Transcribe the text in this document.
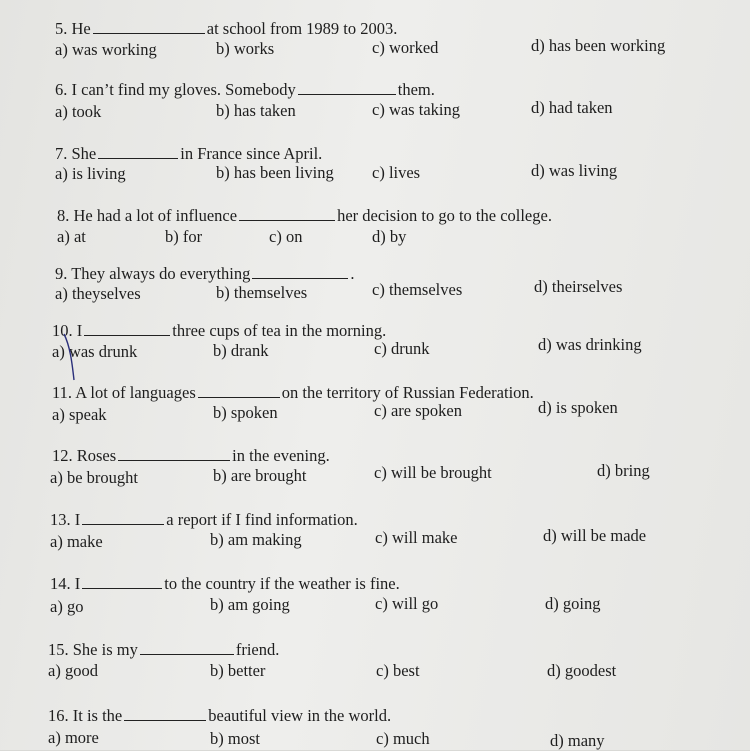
5. He	at school from 1989 to 2003.
a) was working	b) works	c) worked	d) has been working
6. I can’t find my gloves. Somebody	them.
a) took	b) has taken	c) was taking	d) had taken
7. She	in France since April.
a) is living	b) has been living c) lives	d) was living
8. He had a lot of influence	her decision to go to the college.
a) at	b) for	c) on	d) by
9. They always do everything	.
a) theyselves	b) themselves	c) themselves	d) theirselves
10. I	three cups of tea in the morning.
a) was drunk	b) drank	c) drunk	d) was drinking
11. A lot of languages	on the territory of Russian Federation.
a) speak	b) spoken	c) are spoken	d) is spoken
12. Roses	in the evening.
a) be brought	b) are brought	c) will be brought	d) bring
13. I	a report if I find information.
a) make	b) am making	c) will make	d) will be made
14. I	to the country if the weather is fine.
a) go	b) am going	c) will go	d) going
15. She is my	friend.
a) good	b) better	c) best	d) goodest
16. It is the	beautiful view in the world.
a) more	b) most	c) much	d) many
